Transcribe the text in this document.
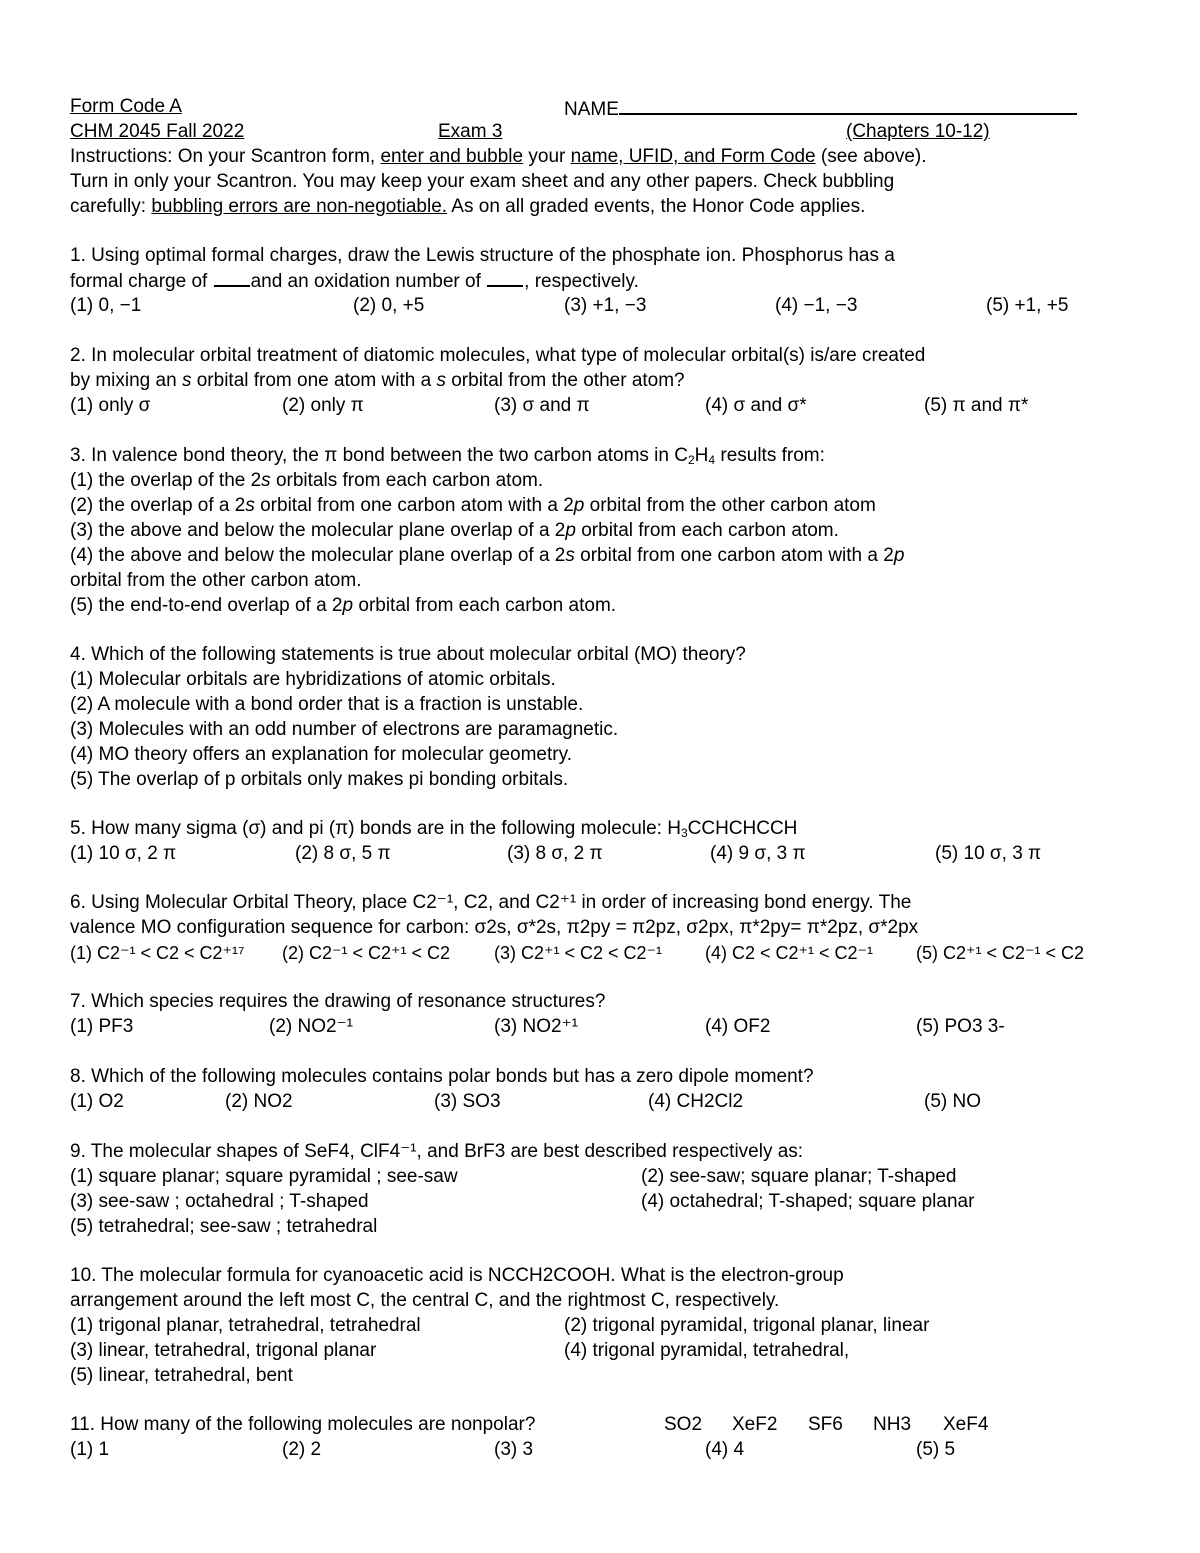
Form Code A	NAME
CHM 2045 Fall 2022	Exam 3	(Chapters 10-12)
Instructions: On your Scantron form, enter and bubble your name, UFID, and Form Code (see above).
Turn in only your Scantron. You may keep your exam sheet and any other papers. Check bubbling
carefully: bubbling errors are non-negotiable. As on all graded events, the Honor Code applies.
1. Using optimal formal charges, draw the Lewis structure of the phosphate ion. Phosphorus has a
formal charge of and an oxidation number of , respectively.
(1) 0, −1	(2) 0, +5	(3) +1, −3	(4) −1, −3	(5) +1, +5
2. In molecular orbital treatment of diatomic molecules, what type of molecular orbital(s) is/are created
by mixing an s orbital from one atom with a s orbital from the other atom?
(1) only σ	(2) only π	(3) σ and π	(4) σ and σ*	(5) π and π*
3. In valence bond theory, the π bond between the two carbon atoms in $C_2H_4$ results from:
(1) the overlap of the 2s orbitals from each carbon atom.
(2) the overlap of a 2s orbital from one carbon atom with a 2p orbital from the other carbon atom
(3) the above and below the molecular plane overlap of a 2p orbital from each carbon atom.
(4) the above and below the molecular plane overlap of a 2s orbital from one carbon atom with a 2p
orbital from the other carbon atom.
(5) the end-to-end overlap of a 2p orbital from each carbon atom.
4. Which of the following statements is true about molecular orbital (MO) theory?
(1) Molecular orbitals are hybridizations of atomic orbitals.
(2) A molecule with a bond order that is a fraction is unstable.
(3) Molecules with an odd number of electrons are paramagnetic.
(4) MO theory offers an explanation for molecular geometry.
(5) The overlap of p orbitals only makes pi bonding orbitals.
5. How many sigma (σ) and pi (π) bonds are in the following molecule: $H_3CCHCHCCH$
(1) 10 σ, 2 π	(2) 8 σ, 5 π	(3) 8 σ, 2 π	(4) 9 σ, 3 π	(5) 10 σ, 3 π
6. Using Molecular Orbital Theory, place C2⁻¹, C2, and C2⁺¹ in order of increasing bond energy. The
valence MO configuration sequence for carbon: σ2s, σ*2s, π2py = π2pz, σ2px, π*2py= π*2pz, σ*2px
(1) C2⁻¹ < C2 < C2⁺¹⁷ (2) C2⁻¹ < C2⁺¹ < C2 (3) C2⁺¹ < C2 < C2⁻¹ (4) C2 < C2⁺¹ < C2⁻¹ (5) C2⁺¹ < C2⁻¹ < C2
7. Which species requires the drawing of resonance structures?
(1) PF3	(2) NO2⁻¹	(3) NO2⁺¹	(4) OF2	(5) PO3 3-
8. Which of the following molecules contains polar bonds but has a zero dipole moment?
(1) O2	(2) NO2	(3) SO3	(4) CH2Cl2	(5) NO
9. The molecular shapes of SeF4, ClF4⁻¹, and BrF3 are best described respectively as:
(1) square planar; square pyramidal ; see-saw	(2) see-saw; square planar; T-shaped
(3) see-saw ; octahedral ; T-shaped	(4) octahedral; T-shaped; square planar
(5) tetrahedral; see-saw ; tetrahedral
10. The molecular formula for cyanoacetic acid is NCCH2COOH. What is the electron-group
arrangement around the left most C, the central C, and the rightmost C, respectively.
(1) trigonal planar, tetrahedral, tetrahedral	(2) trigonal pyramidal, trigonal planar, linear
(3) linear, tetrahedral, trigonal planar	(4) trigonal pyramidal, tetrahedral,
(5) linear, tetrahedral, bent
11. How many of the following molecules are nonpolar?	SO2 XeF2 SF6 NH3 XeF4
(1) 1	(2) 2	(3) 3	(4) 4	(5) 5
